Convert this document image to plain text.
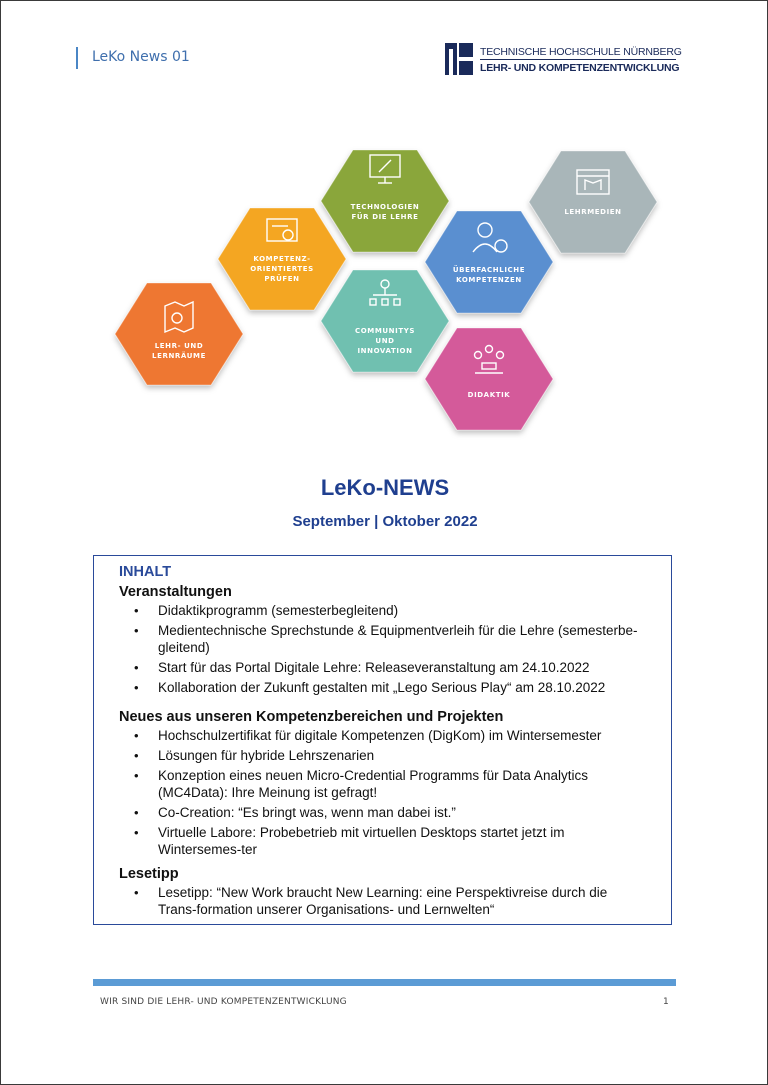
LeKo News 01	TECHNISCHE HOCHSCHULE NÜRNBERG
LEHR- UND KOMPETENZENTWICKLUNG
LEHR- UND
LERNRÄUME
KOMPETENZ-
ORIENTIERTES
PRÜFEN
TECHNOLOGIEN
FÜR DIE LEHRE
COMMUNITYS
UND
INNOVATION
ÜBERFACHLICHE
KOMPETENZEN
DIDAKTIK
LEHRMEDIEN
LeKo-NEWS
September | Oktober 2022
INHALT
Veranstaltungen
• Didaktikprogramm (semesterbegleitend)
• Medientechnische Sprechstunde & Equipmentverleih für die Lehre (semesterbe-gleitend)
• Start für das Portal Digitale Lehre: Releaseveranstaltung am 24.10.2022
• Kollaboration der Zukunft gestalten mit „Lego Serious Play“ am 28.10.2022
Neues aus unseren Kompetenzbereichen und Projekten
• Hochschulzertifikat für digitale Kompetenzen (DigKom) im Wintersemester
• Lösungen für hybride Lehrszenarien
• Konzeption eines neuen Micro-Credential Programms für Data Analytics (MC4Data): Ihre Meinung ist gefragt!
• Co-Creation: “Es bringt was, wenn man dabei ist.”
• Virtuelle Labore: Probebetrieb mit virtuellen Desktops startet jetzt im Wintersemes-ter
Lesetipp
• Lesetipp: “New Work braucht New Learning: eine Perspektivreise durch die Trans-formation unserer Organisations- und Lernwelten“
WIR SIND DIE LEHR- UND KOMPETENZENTWICKLUNG	1
